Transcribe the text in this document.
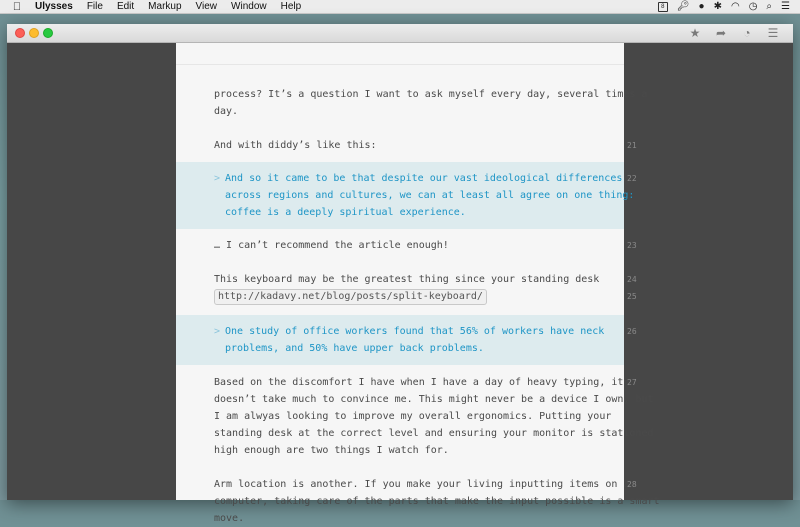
Ulysses	File	Edit	Markup	View	Window	Help	8	🔑︎ ● ✱ ◠ ◷ ⌕ ☰
★ ➦ ◔ ☰
process? It’s a question I want to ask myself every day, several times a
day.
And with diddy’s like this:
> And so it came to be that despite our vast ideological differences
across regions and cultures, we can at least all agree on one thing:
coffee is a deeply spiritual experience.
… I can’t recommend the article enough!
This keyboard may be the greatest thing since your standing desk
http://kadavy.net/blog/posts/split-keyboard/
> One study of office workers found that 56% of workers have neck
problems, and 50% have upper back problems.
Based on the discomfort I have when I have a day of heavy typing, it
doesn’t take much to convince me. This might never be a device I own, but
I am alwyas looking to improve my overall ergonomics. Putting your
standing desk at the correct level and ensuring your monitor is stationed
high enough are two things I watch for.
Arm location is another. If you make your living inputting items on a
computer, taking care of the parts that make the input possible is a smart
move.
21
22
23
24
25
26
27
28
